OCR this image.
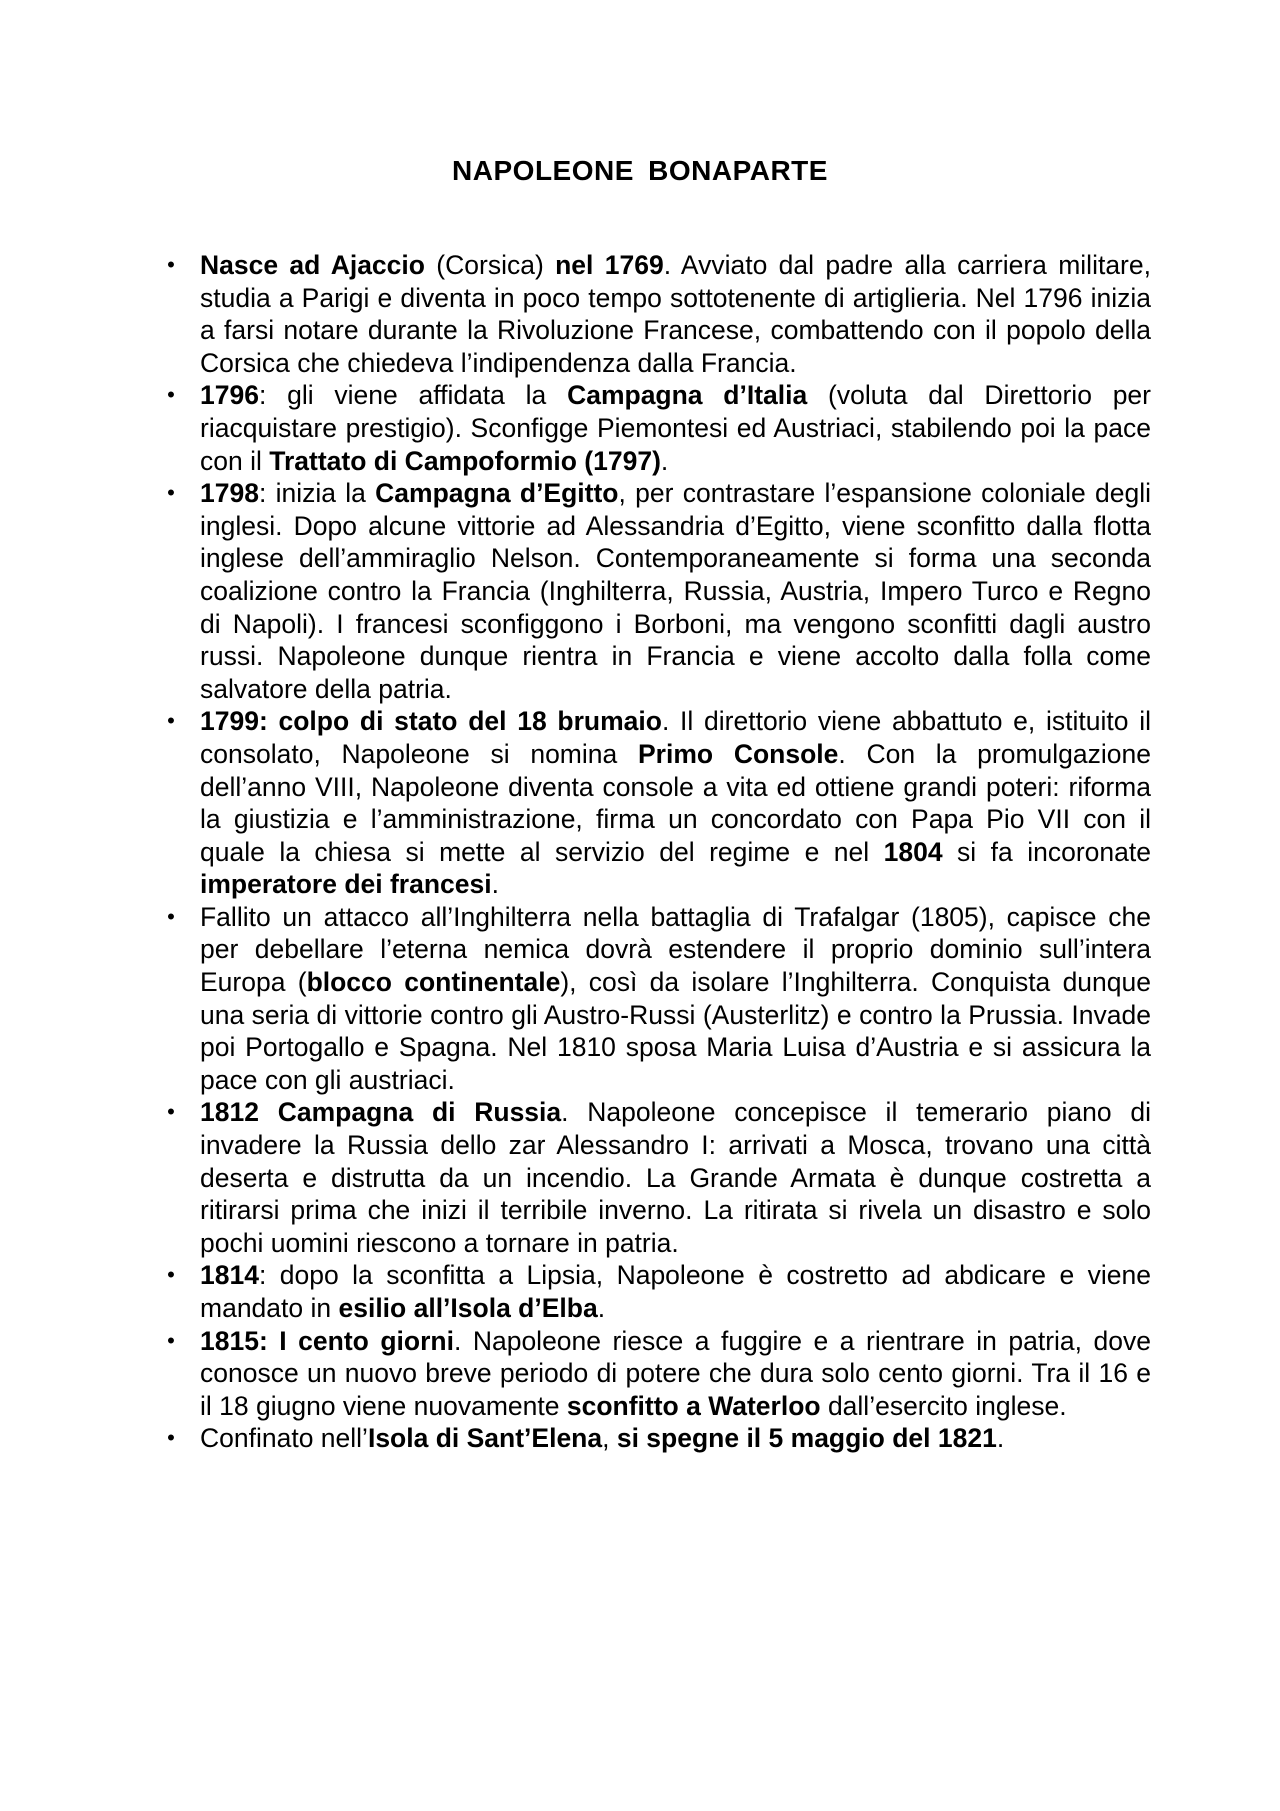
NAPOLEONE BONAPARTE
• Nasce ad Ajaccio (Corsica) nel 1769. Avviato dal padre alla carriera militare, studia a Parigi e diventa in poco tempo sottotenente di artiglieria. Nel 1796 inizia a farsi notare durante la Rivoluzione Francese, combattendo con il popolo della Corsica che chiedeva l’indipendenza dalla Francia.
• 1796: gli viene affidata la Campagna d’Italia (voluta dal Direttorio per riacquistare prestigio). Sconfigge Piemontesi ed Austriaci, stabilendo poi la pace con il Trattato di Campoformio (1797).
• 1798: inizia la Campagna d’Egitto, per contrastare l’espansione coloniale degli inglesi. Dopo alcune vittorie ad Alessandria d’Egitto, viene sconfitto dalla flotta inglese dell’ammiraglio Nelson. Contemporaneamente si forma una seconda coalizione contro la Francia (Inghilterra, Russia, Austria, Impero Turco e Regno di Napoli). I francesi sconfiggono i Borboni, ma vengono sconfitti dagli austro russi. Napoleone dunque rientra in Francia e viene accolto dalla folla come salvatore della patria.
• 1799: colpo di stato del 18 brumaio. Il direttorio viene abbattuto e, istituito il consolato, Napoleone si nomina Primo Console. Con la promulgazione dell’anno VIII, Napoleone diventa console a vita ed ottiene grandi poteri: riforma la giustizia e l’amministrazione, firma un concordato con Papa Pio VII con il quale la chiesa si mette al servizio del regime e nel 1804 si fa incoronate imperatore dei francesi.
• Fallito un attacco all’Inghilterra nella battaglia di Trafalgar (1805), capisce che per debellare l’eterna nemica dovrà estendere il proprio dominio sull’intera Europa (blocco continentale), così da isolare l’Inghilterra. Conquista dunque una seria di vittorie contro gli Austro-Russi (Austerlitz) e contro la Prussia. Invade poi Portogallo e Spagna. Nel 1810 sposa Maria Luisa d’Austria e si assicura la pace con gli austriaci.
• 1812 Campagna di Russia. Napoleone concepisce il temerario piano di invadere la Russia dello zar Alessandro I: arrivati a Mosca, trovano una città deserta e distrutta da un incendio. La Grande Armata è dunque costretta a ritirarsi prima che inizi il terribile inverno. La ritirata si rivela un disastro e solo pochi uomini riescono a tornare in patria.
• 1814: dopo la sconfitta a Lipsia, Napoleone è costretto ad abdicare e viene mandato in esilio all’Isola d’Elba.
• 1815: I cento giorni. Napoleone riesce a fuggire e a rientrare in patria, dove conosce un nuovo breve periodo di potere che dura solo cento giorni. Tra il 16 e il 18 giugno viene nuovamente sconfitto a Waterloo dall’esercito inglese.
• Confinato nell’Isola di Sant’Elena, si spegne il 5 maggio del 1821.
